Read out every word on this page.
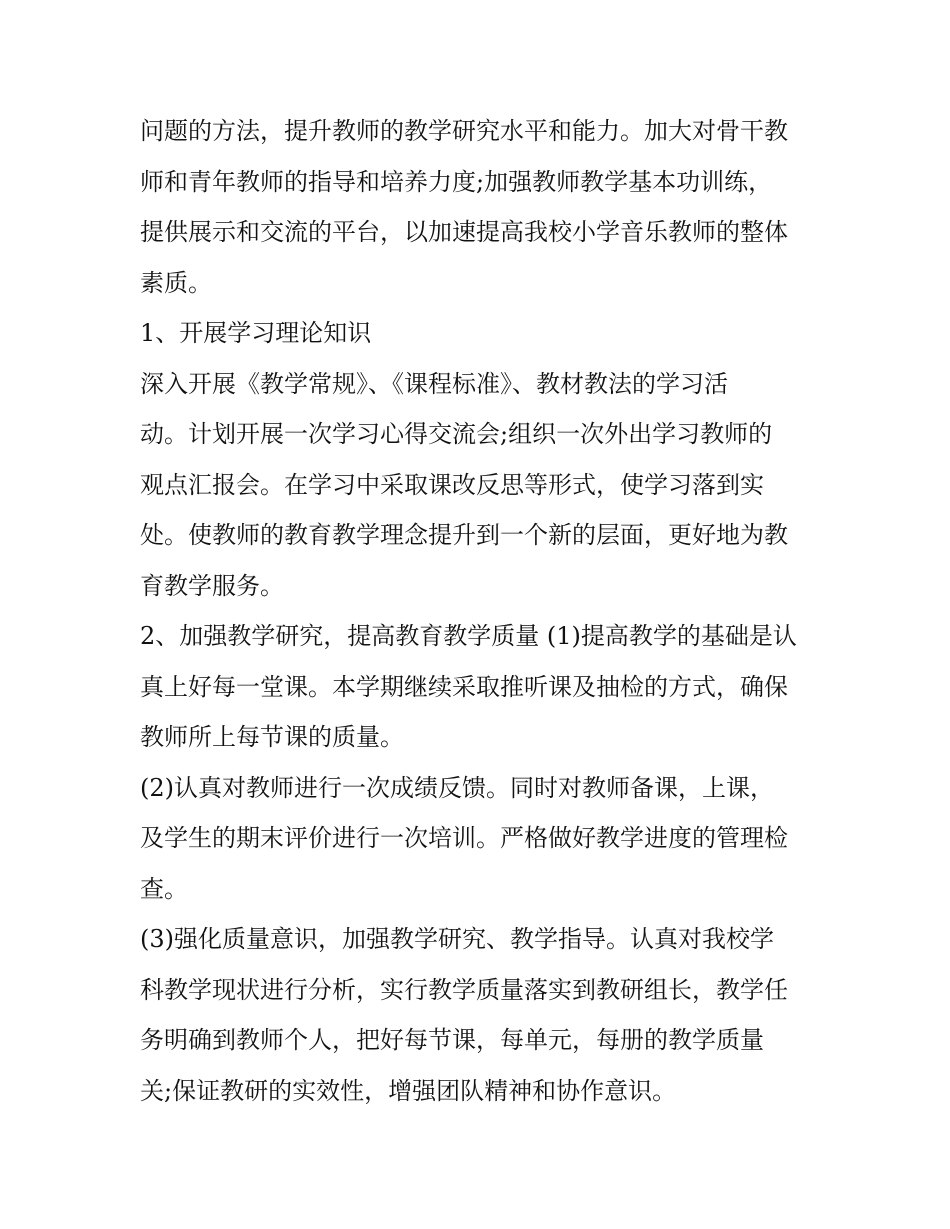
问题的方法，提升教师的教学研究水平和能力。加大对骨干教
师和青年教师的指导和培养力度;加强教师教学基本功训练，
提供展示和交流的平台，以加速提高我校小学音乐教师的整体
素质。
1、开展学习理论知识
深入开展《教学常规》、《课程标准》、教材教法的学习活
动。计划开展一次学习心得交流会;组织一次外出学习教师的
观点汇报会。在学习中采取课改反思等形式，使学习落到实
处。使教师的教育教学理念提升到一个新的层面，更好地为教
育教学服务。
2、加强教学研究，提高教育教学质量 (1)提高教学的基础是认
真上好每一堂课。本学期继续采取推听课及抽检的方式，确保
教师所上每节课的质量。
(2)认真对教师进行一次成绩反馈。同时对教师备课，上课，
及学生的期末评价进行一次培训。严格做好教学进度的管理检
查。
(3)强化质量意识，加强教学研究、教学指导。认真对我校学
科教学现状进行分析，实行教学质量落实到教研组长，教学任
务明确到教师个人，把好每节课，每单元，每册的教学质量
关;保证教研的实效性，增强团队精神和协作意识。
